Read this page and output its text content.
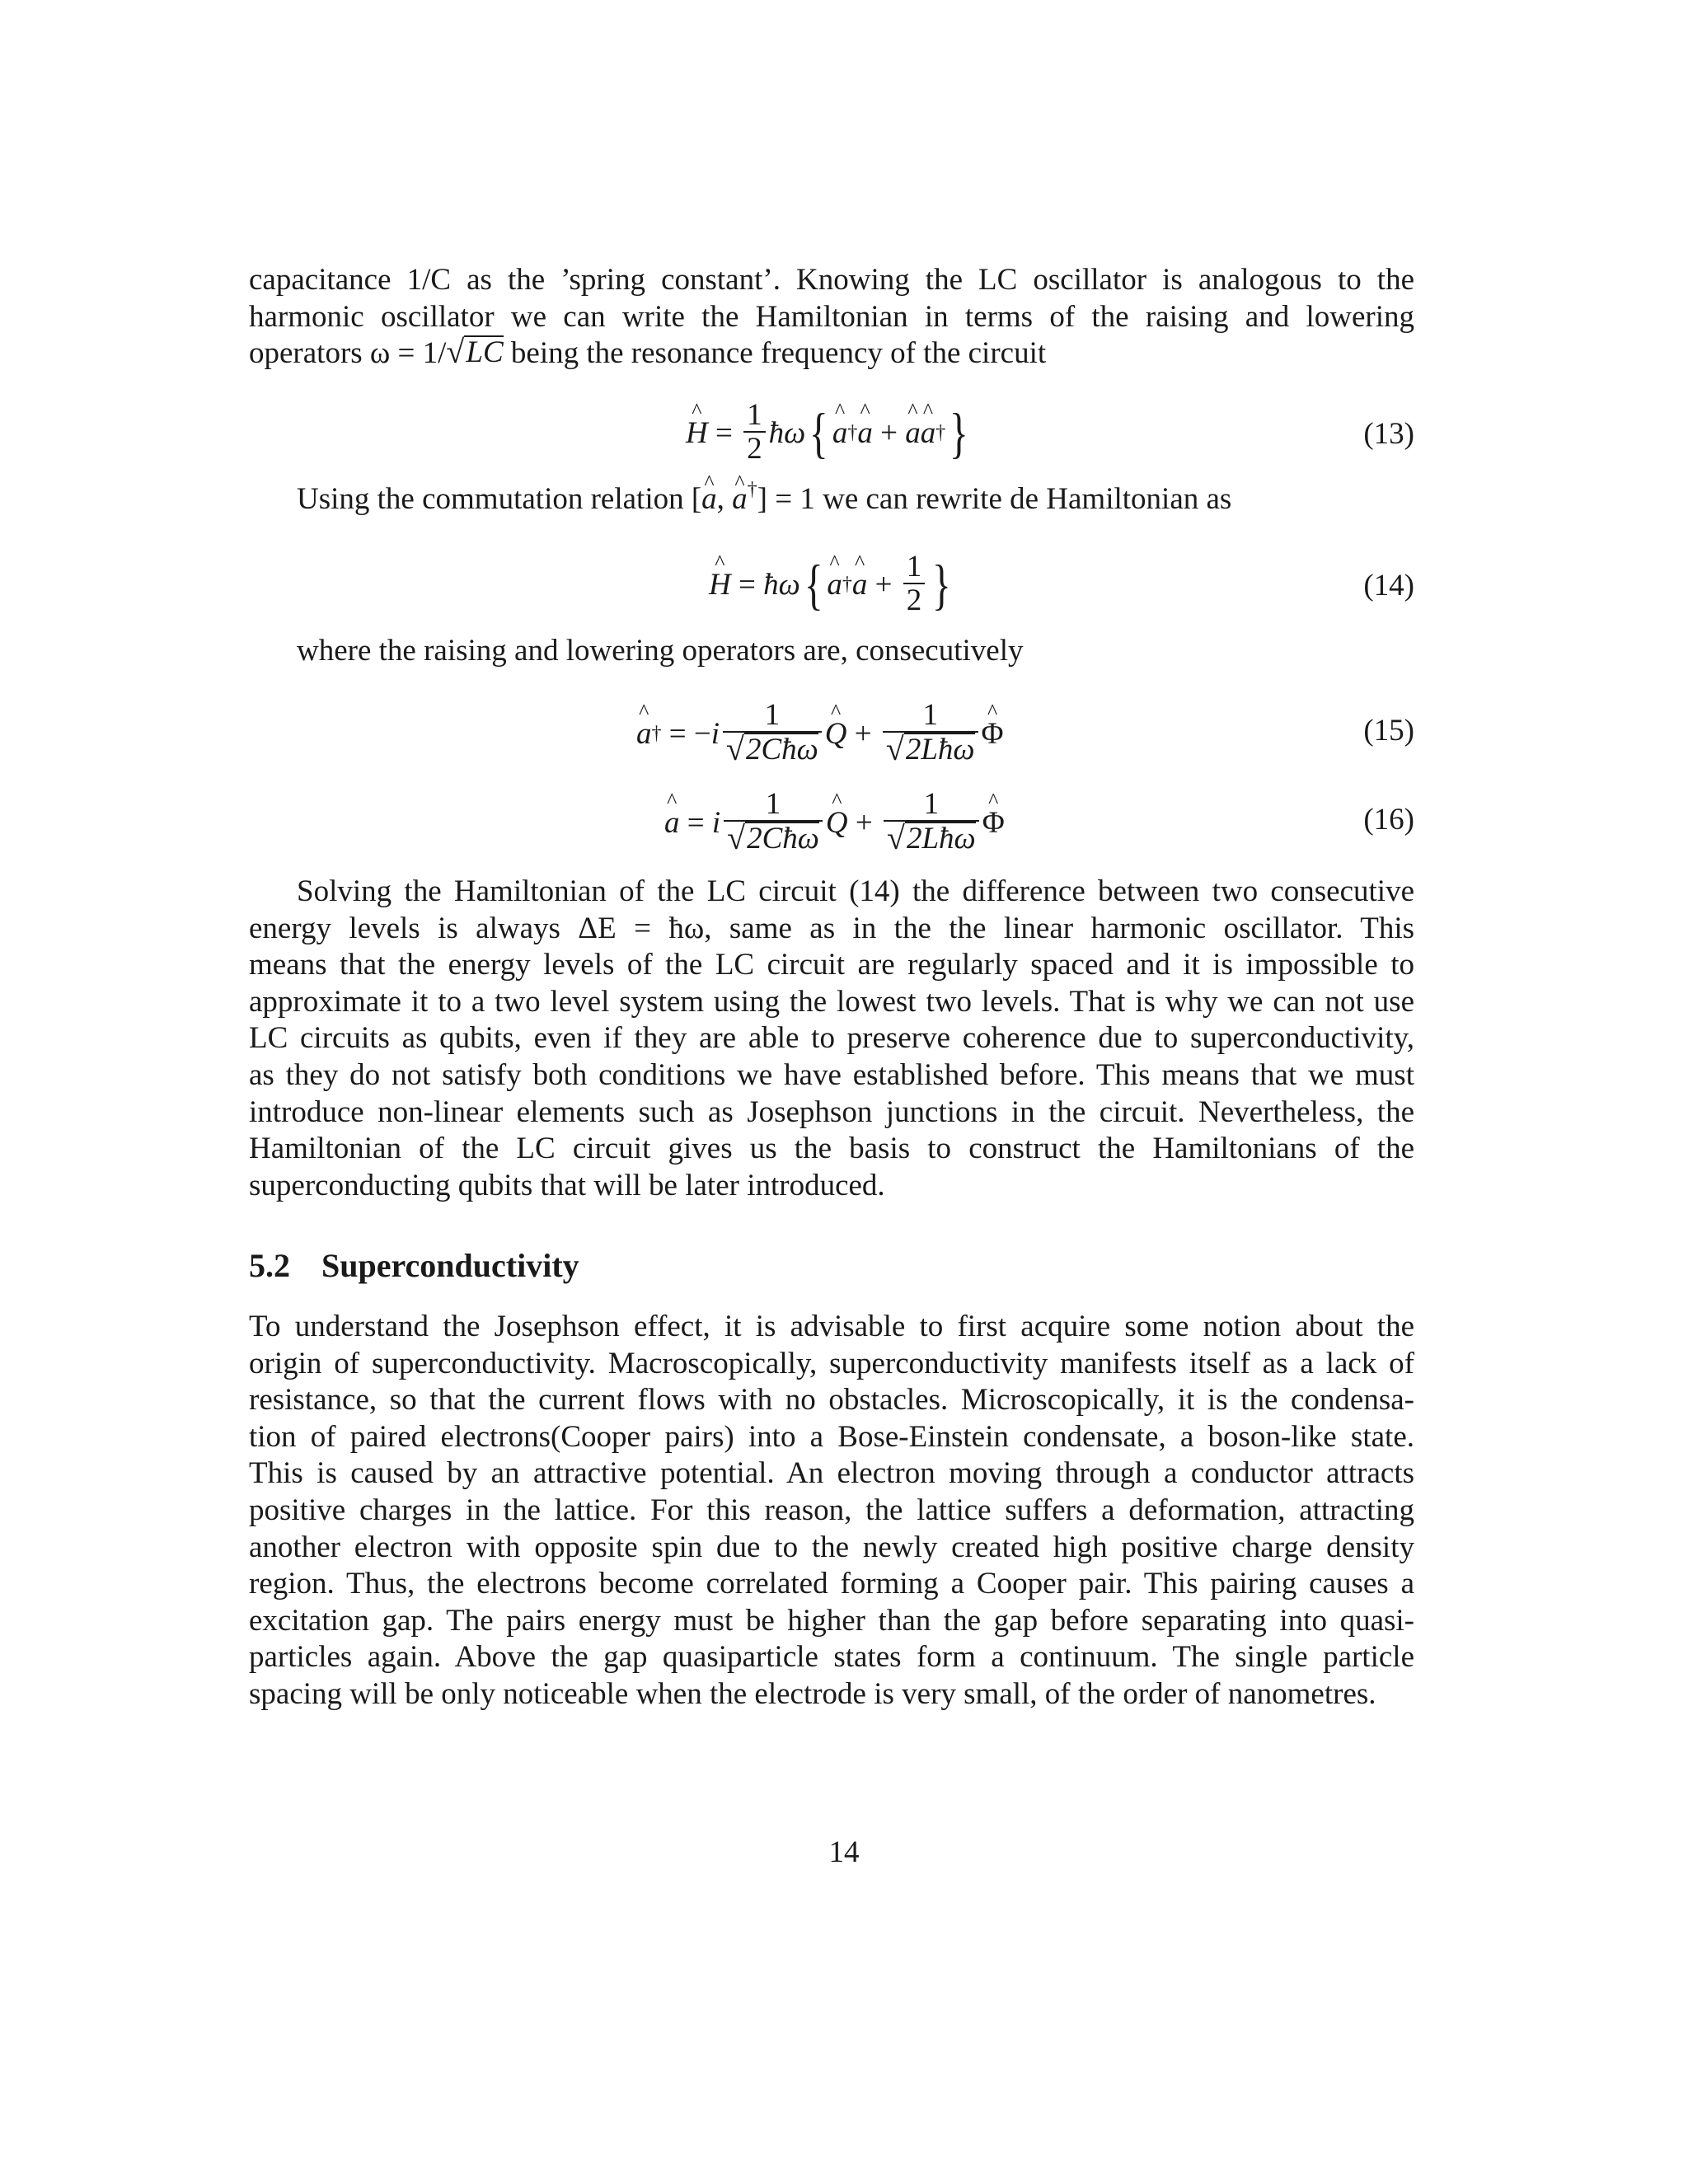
capacitance 1/C as the ’spring constant’. Knowing the LC oscillator is analogous to the
harmonic oscillator we can write the Hamiltonian in terms of the raising and lowering
operators ω = 1/ √ LC being the resonance frequency of the circuit
^ $H = \frac{1}{2}$ ħω { ^ a † ^ a + ^ a ^ a † }	(13)
Using the commutation relation [^ a, ^ a†] = 1 we can rewrite de Hamiltonian as
^ H = ħω { ^ a † ^ $a + \frac{1}{2}$ }	(14)
where the raising and lowering operators are, consecutively
^ a † = − i $\frac{1}{\text{√ 2Cħω}}$ ^ $Q + \frac{1}{\text{√ 2Lħω}}$ ^ Φ	(15)
^ a = i $\frac{1}{\text{√ 2Cħω}}$ ^ $Q + \frac{1}{\text{√ 2Lħω}}$ ^ Φ	(16)
Solving the Hamiltonian of the LC circuit (14) the difference between two consecutive
energy levels is always ΔE = ħω, same as in the the linear harmonic oscillator. This
means that the energy levels of the LC circuit are regularly spaced and it is impossible to
approximate it to a two level system using the lowest two levels. That is why we can not use
LC circuits as qubits, even if they are able to preserve coherence due to superconductivity,
as they do not satisfy both conditions we have established before. This means that we must
introduce non-linear elements such as Josephson junctions in the circuit. Nevertheless, the
Hamiltonian of the LC circuit gives us the basis to construct the Hamiltonians of the
superconducting qubits that will be later introduced.
5.2 Superconductivity
To understand the Josephson effect, it is advisable to first acquire some notion about the
origin of superconductivity. Macroscopically, superconductivity manifests itself as a lack of
resistance, so that the current flows with no obstacles. Microscopically, it is the condensa-
tion of paired electrons(Cooper pairs) into a Bose-Einstein condensate, a boson-like state.
This is caused by an attractive potential. An electron moving through a conductor attracts
positive charges in the lattice. For this reason, the lattice suffers a deformation, attracting
another electron with opposite spin due to the newly created high positive charge density
region. Thus, the electrons become correlated forming a Cooper pair. This pairing causes a
excitation gap. The pairs energy must be higher than the gap before separating into quasi-
particles again. Above the gap quasiparticle states form a continuum. The single particle
spacing will be only noticeable when the electrode is very small, of the order of nanometres.
14
